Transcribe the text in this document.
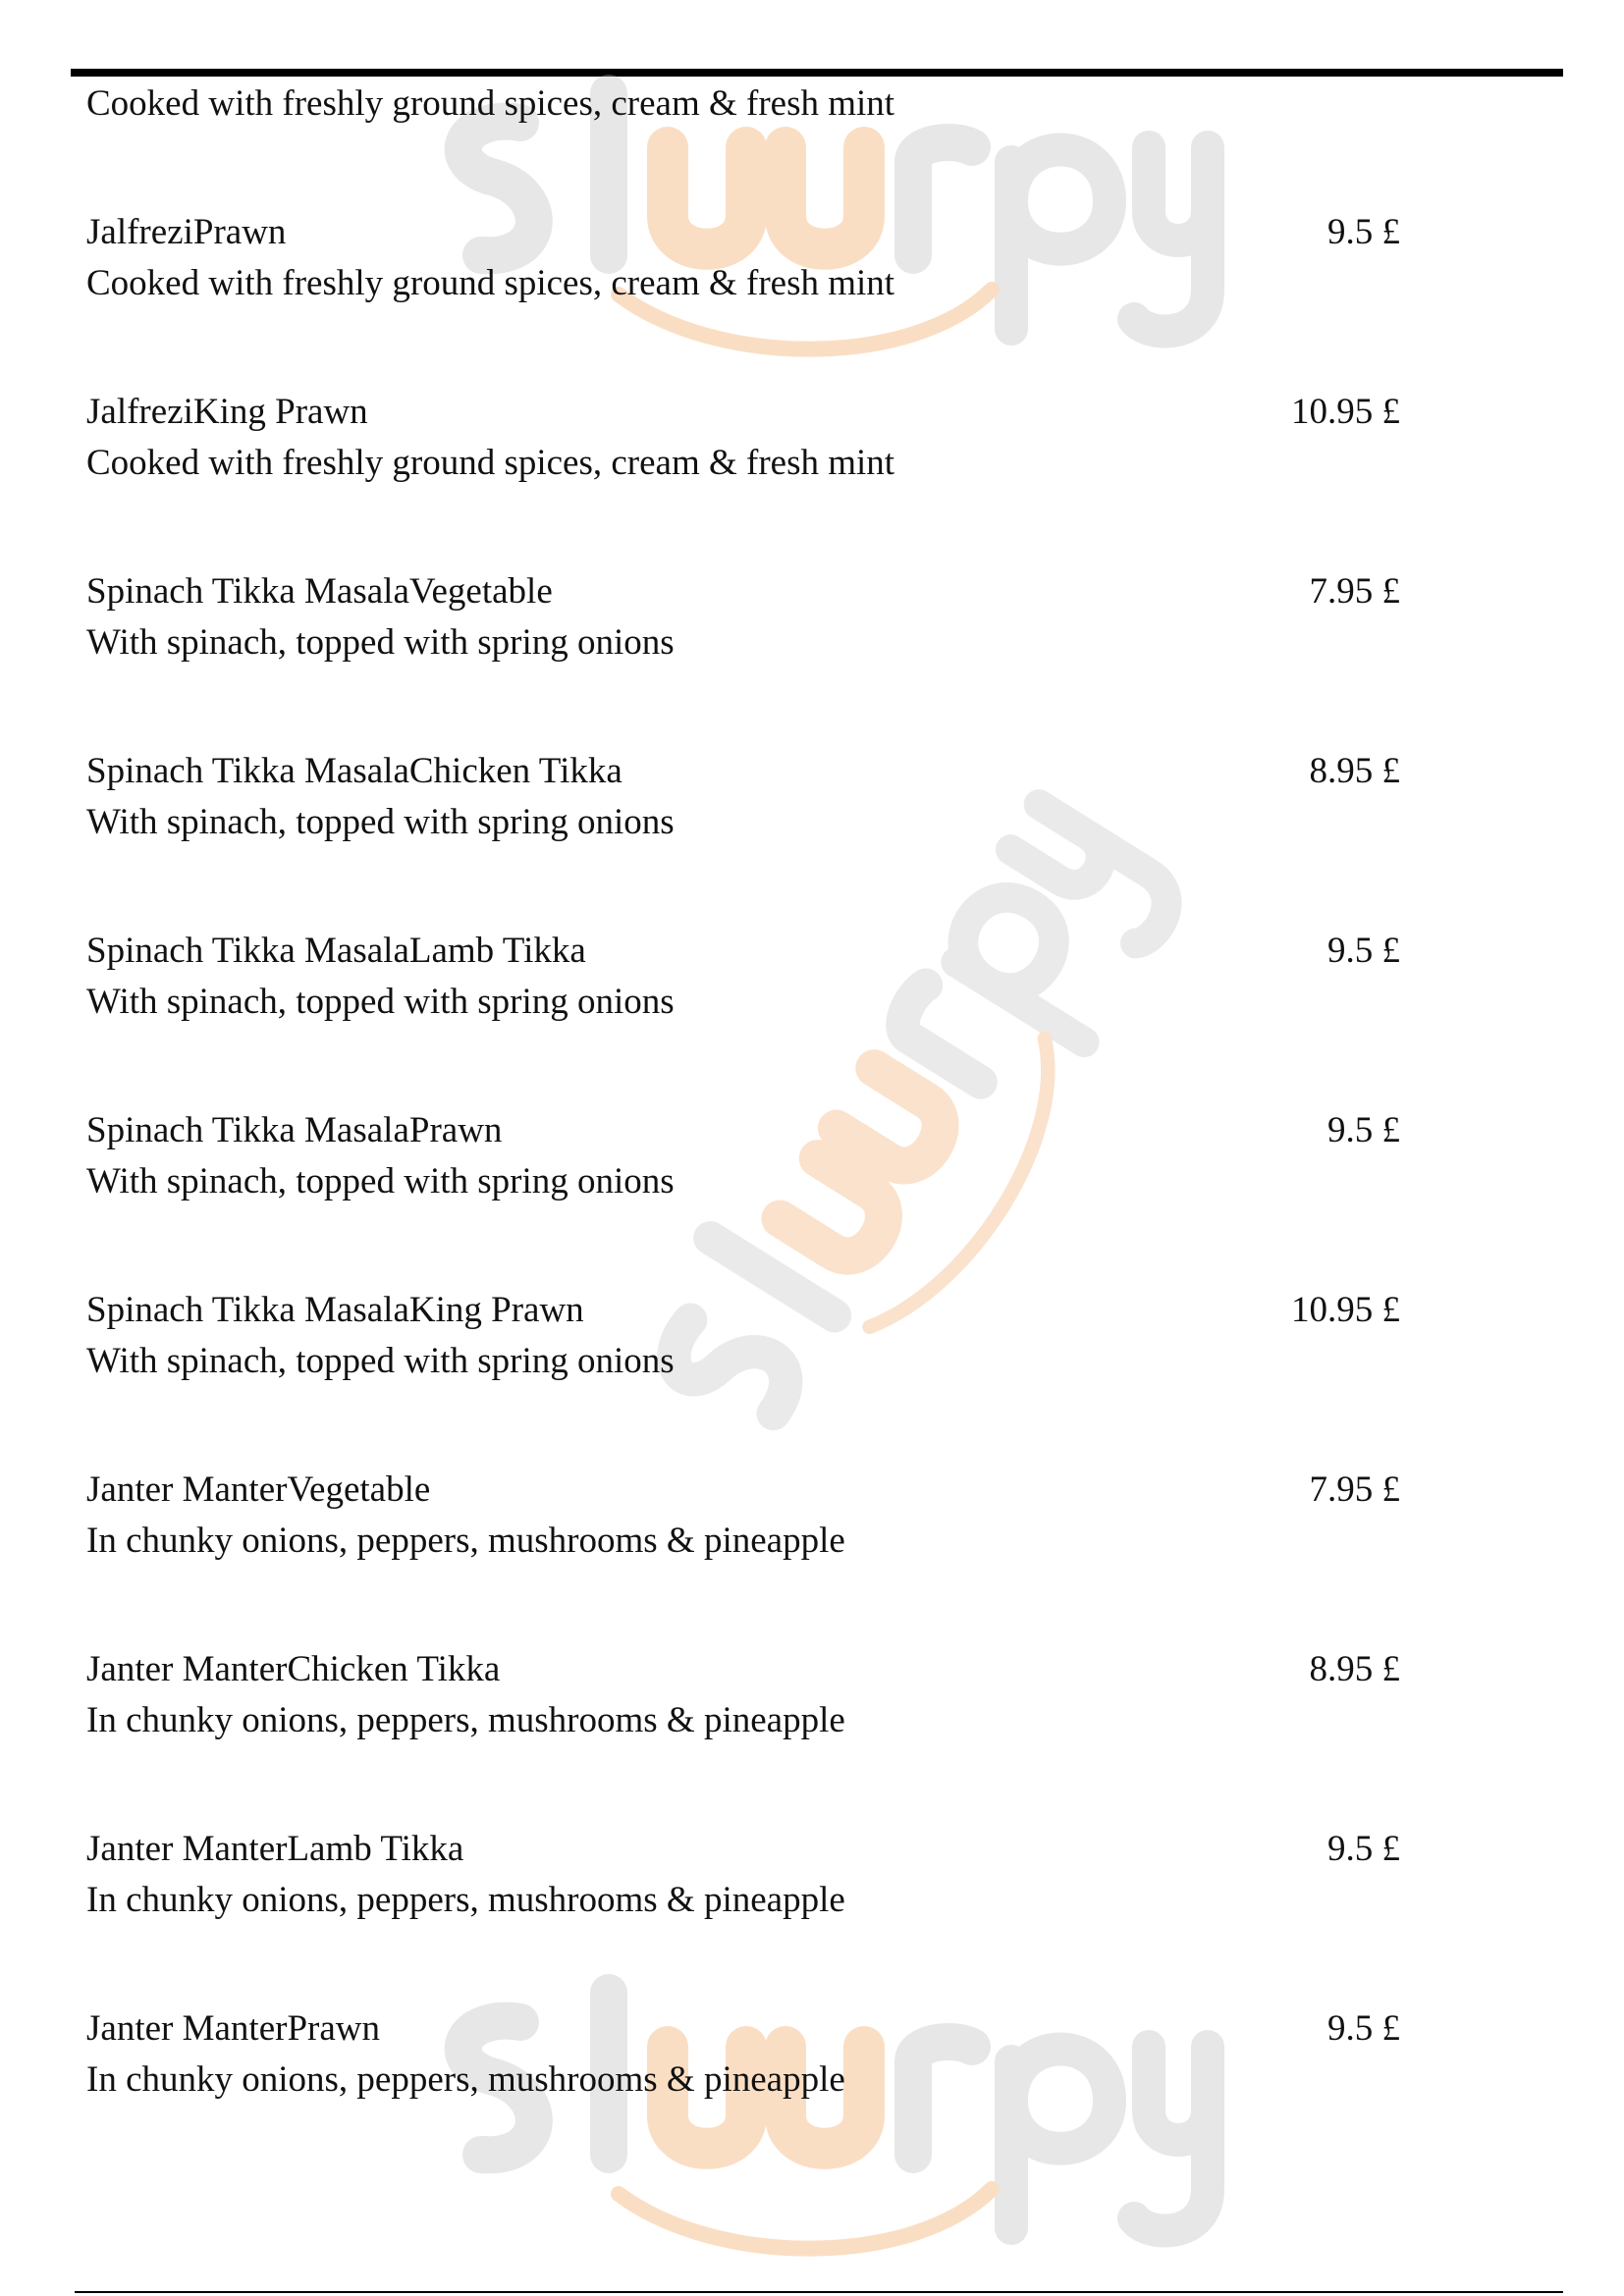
Cooked with freshly ground spices, cream & fresh mint
JalfreziPrawn
Cooked with freshly ground spices, cream & fresh mint
9.5 £
JalfreziKing Prawn
Cooked with freshly ground spices, cream & fresh mint
10.95 £
Spinach Tikka MasalaVegetable
With spinach, topped with spring onions
7.95 £
Spinach Tikka MasalaChicken Tikka
With spinach, topped with spring onions
8.95 £
Spinach Tikka MasalaLamb Tikka
With spinach, topped with spring onions
9.5 £
Spinach Tikka MasalaPrawn
With spinach, topped with spring onions
9.5 £
Spinach Tikka MasalaKing Prawn
With spinach, topped with spring onions
10.95 £
Janter ManterVegetable
In chunky onions, peppers, mushrooms & pineapple
7.95 £
Janter ManterChicken Tikka
In chunky onions, peppers, mushrooms & pineapple
8.95 £
Janter ManterLamb Tikka
In chunky onions, peppers, mushrooms & pineapple
9.5 £
Janter ManterPrawn
In chunky onions, peppers, mushrooms & pineapple
9.5 £
